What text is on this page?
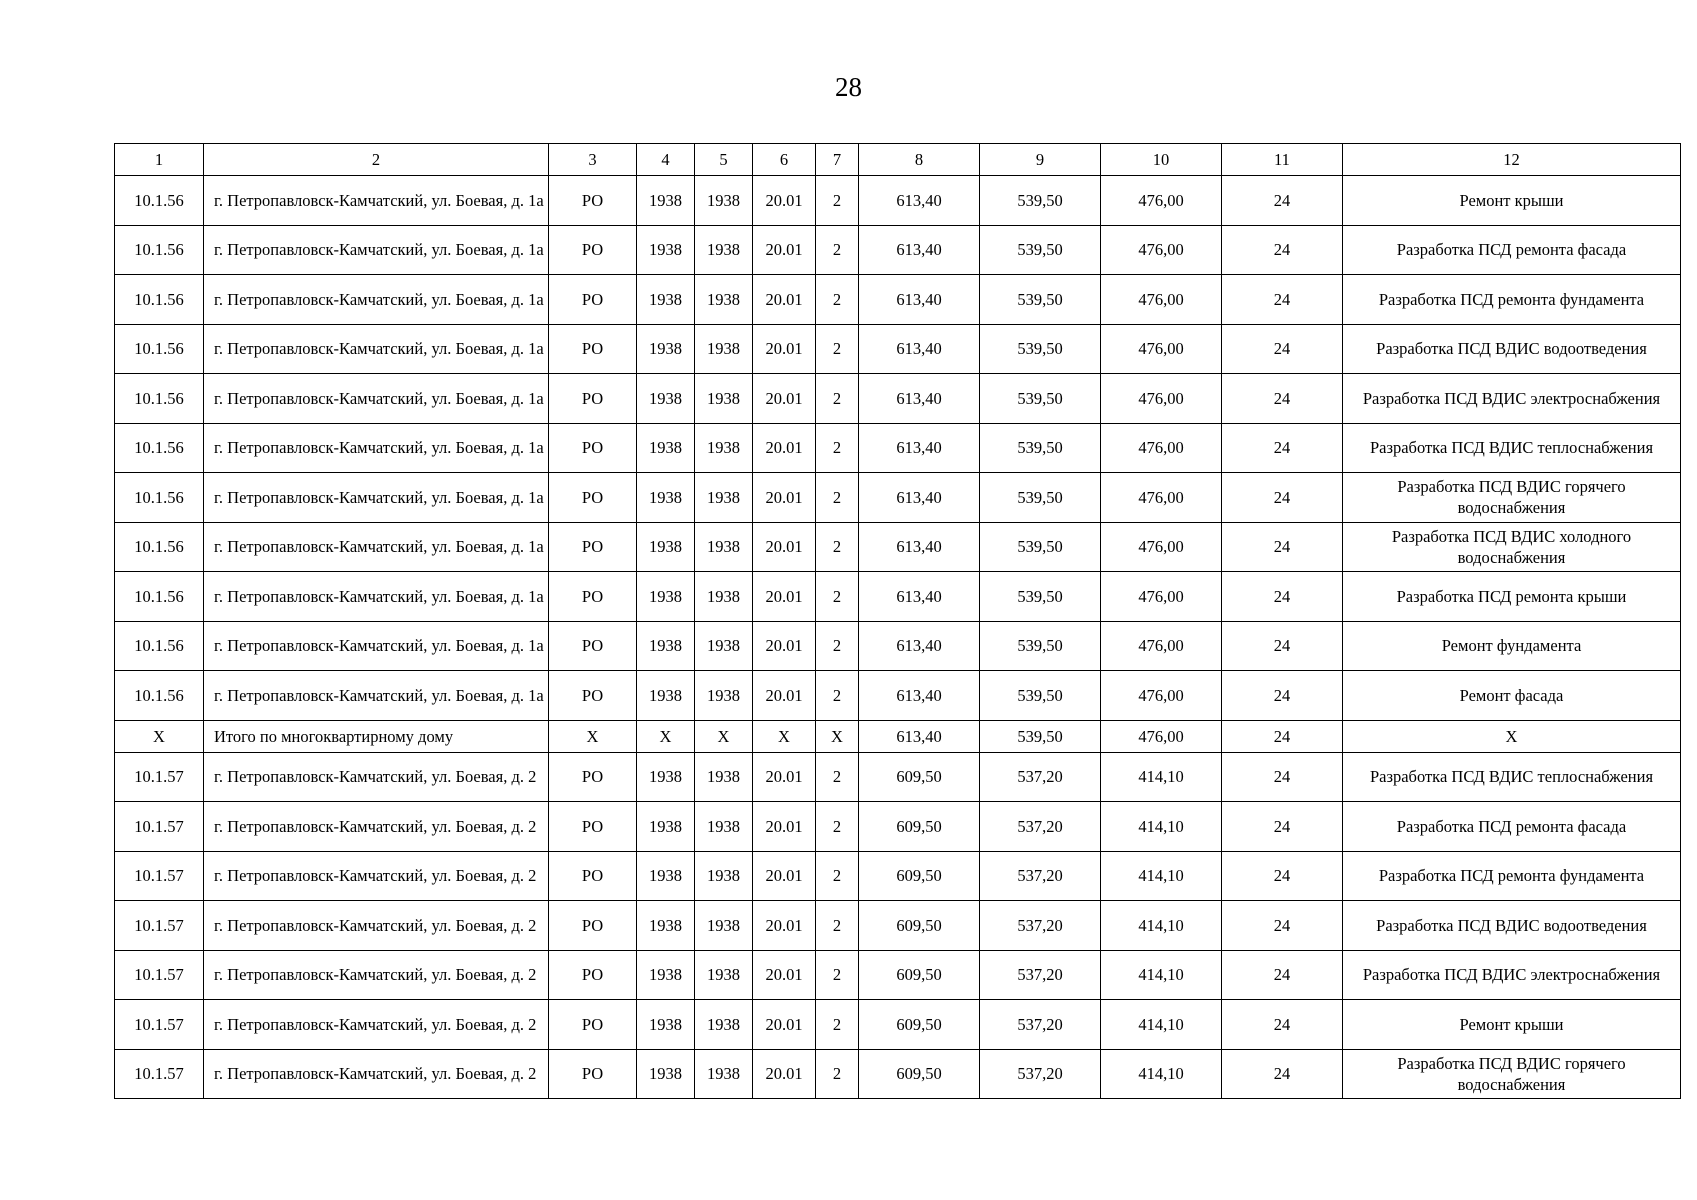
28
1	2	3	4	5	6	7	8	9	10	11	12
10.1.56	г. Петропавловск-Камчатский, ул. Боевая, д. 1а	РО	1938	1938	20.01	2	613,40	539,50	476,00	24	Ремонт крыши
10.1.56	г. Петропавловск-Камчатский, ул. Боевая, д. 1а	РО	1938	1938	20.01	2	613,40	539,50	476,00	24	Разработка ПСД ремонта фасада
10.1.56	г. Петропавловск-Камчатский, ул. Боевая, д. 1а	РО	1938	1938	20.01	2	613,40	539,50	476,00	24	Разработка ПСД ремонта фундамента
10.1.56	г. Петропавловск-Камчатский, ул. Боевая, д. 1а	РО	1938	1938	20.01	2	613,40	539,50	476,00	24	Разработка ПСД ВДИС водоотведения
10.1.56	г. Петропавловск-Камчатский, ул. Боевая, д. 1а	РО	1938	1938	20.01	2	613,40	539,50	476,00	24	Разработка ПСД ВДИС электроснабжения
10.1.56	г. Петропавловск-Камчатский, ул. Боевая, д. 1а	РО	1938	1938	20.01	2	613,40	539,50	476,00	24	Разработка ПСД ВДИС теплоснабжения
10.1.56	г. Петропавловск-Камчатский, ул. Боевая, д. 1а	РО	1938	1938	20.01	2	613,40	539,50	476,00	24	Разработка ПСД ВДИС горячего водоснабжения
10.1.56	г. Петропавловск-Камчатский, ул. Боевая, д. 1а	РО	1938	1938	20.01	2	613,40	539,50	476,00	24	Разработка ПСД ВДИС холодного водоснабжения
10.1.56	г. Петропавловск-Камчатский, ул. Боевая, д. 1а	РО	1938	1938	20.01	2	613,40	539,50	476,00	24	Разработка ПСД ремонта крыши
10.1.56	г. Петропавловск-Камчатский, ул. Боевая, д. 1а	РО	1938	1938	20.01	2	613,40	539,50	476,00	24	Ремонт фундамента
10.1.56	г. Петропавловск-Камчатский, ул. Боевая, д. 1а	РО	1938	1938	20.01	2	613,40	539,50	476,00	24	Ремонт фасада
Х	Итого по многоквартирному дому	Х	Х	Х	Х	Х	613,40	539,50	476,00	24	Х
10.1.57	г. Петропавловск-Камчатский, ул. Боевая, д. 2	РО	1938	1938	20.01	2	609,50	537,20	414,10	24	Разработка ПСД ВДИС теплоснабжения
10.1.57	г. Петропавловск-Камчатский, ул. Боевая, д. 2	РО	1938	1938	20.01	2	609,50	537,20	414,10	24	Разработка ПСД ремонта фасада
10.1.57	г. Петропавловск-Камчатский, ул. Боевая, д. 2	РО	1938	1938	20.01	2	609,50	537,20	414,10	24	Разработка ПСД ремонта фундамента
10.1.57	г. Петропавловск-Камчатский, ул. Боевая, д. 2	РО	1938	1938	20.01	2	609,50	537,20	414,10	24	Разработка ПСД ВДИС водоотведения
10.1.57	г. Петропавловск-Камчатский, ул. Боевая, д. 2	РО	1938	1938	20.01	2	609,50	537,20	414,10	24	Разработка ПСД ВДИС электроснабжения
10.1.57	г. Петропавловск-Камчатский, ул. Боевая, д. 2	РО	1938	1938	20.01	2	609,50	537,20	414,10	24	Ремонт крыши
10.1.57	г. Петропавловск-Камчатский, ул. Боевая, д. 2	РО	1938	1938	20.01	2	609,50	537,20	414,10	24	Разработка ПСД ВДИС горячего водоснабжения
